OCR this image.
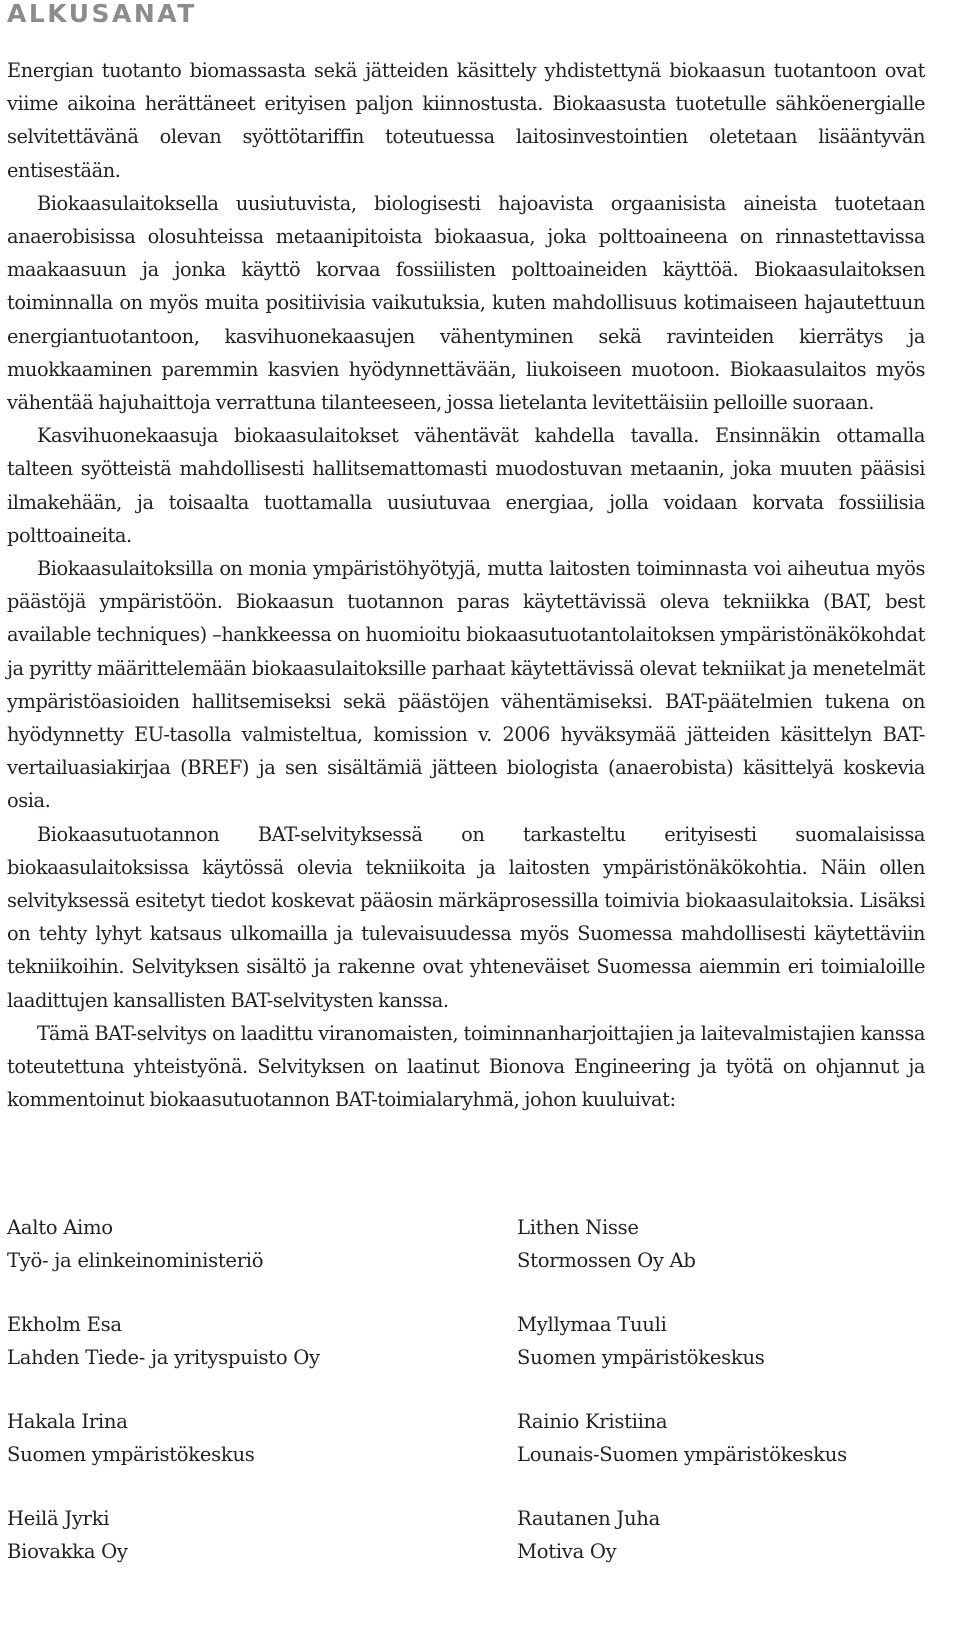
ALKUSANAT

Energian tuotanto biomassasta sekä jätteiden käsittely yhdistettynä biokaasun tuotantoon ovat viime aikoina herättäneet erityisen paljon kiinnostusta. Biokaasusta tuotetulle sähköenergialle selvitettävänä olevan syöttötariffin toteutuessa laitosinvestointien oletetaan lisääntyvän entisestään.

Biokaasulaitoksella uusiutuvista, biologisesti hajoavista orgaanisista aineista tuotetaan anaerobisissa olosuhteissa metaanipitoista biokaasua, joka polttoaineena on rinnastettavissa maakaasuun ja jonka käyttö korvaa fossiilisten polttoaineiden käyttöä. Biokaasulaitoksen toiminnalla on myös muita positiivisia vaikutuksia, kuten mahdollisuus kotimaiseen hajautettuun energiantuotantoon, kasvihuonekaasujen vähentyminen sekä ravinteiden kierrätys ja muokkaaminen paremmin kasvien hyödynnettävään, liukoiseen muotoon. Biokaasulaitos myös vähentää hajuhaittoja verrattuna tilanteeseen, jossa lietelanta levitettäisiin pelloille suoraan.

Kasvihuonekaasuja biokaasulaitokset vähentävät kahdella tavalla. Ensinnäkin ottamalla talteen syötteistä mahdollisesti hallitsemattomasti muodostuvan metaanin, joka muuten pääsisi ilmakehään, ja toisaalta tuottamalla uusiutuvaa energiaa, jolla voidaan korvata fossiilisia polttoaineita.

Biokaasulaitoksilla on monia ympäristöhyötyjä, mutta laitosten toiminnasta voi aiheutua myös päästöjä ympäristöön. Biokaasun tuotannon paras käytettävissä oleva tekniikka (BAT, best available techniques) –hankkeessa on huomioitu biokaasutuotantolaitoksen ympäristönäkökohdat ja pyritty määrittelemään biokaasulaitoksille parhaat käytettävissä olevat tekniikat ja menetelmät ympäristöasioiden hallitsemiseksi sekä päästöjen vähentämiseksi. BAT-päätelmien tukena on hyödynnetty EU-tasolla valmisteltua, komission v. 2006 hyväksymää jätteiden käsittelyn BAT-vertailuasiakirjaa (BREF) ja sen sisältämiä jätteen biologista (anaerobista) käsittelyä koskevia osia.

Biokaasutuotannon BAT-selvityksessä on tarkasteltu erityisesti suomalaisissa biokaasulaitoksissa käytössä olevia tekniikoita ja laitosten ympäristönäkökohtia. Näin ollen selvityksessä esitetyt tiedot koskevat pääosin märkäprosessilla toimivia biokaasulaitoksia. Lisäksi on tehty lyhyt katsaus ulkomailla ja tulevaisuudessa myös Suomessa mahdollisesti käytettäviin tekniikoihin. Selvityksen sisältö ja rakenne ovat yhteneväiset Suomessa aiemmin eri toimialoille laadittujen kansallisten BAT-selvitysten kanssa.

Tämä BAT-selvitys on laadittu viranomaisten, toiminnanharjoittajien ja laitevalmistajien kanssa toteutettuna yhteistyönä. Selvityksen on laatinut Bionova Engineering ja työtä on ohjannut ja kommentoinut biokaasutuotannon BAT-toimialaryhmä, johon kuuluivat:

Aalto Aimo
Työ- ja elinkeinoministeriö
Lithen Nisse
Stormossen Oy Ab
Ekholm Esa
Lahden Tiede- ja yrityspuisto Oy
Myllymaa Tuuli
Suomen ympäristökeskus
Hakala Irina
Suomen ympäristökeskus
Rainio Kristiina
Lounais-Suomen ympäristökeskus
Heilä Jyrki
Biovakka Oy
Rautanen Juha
Motiva Oy
